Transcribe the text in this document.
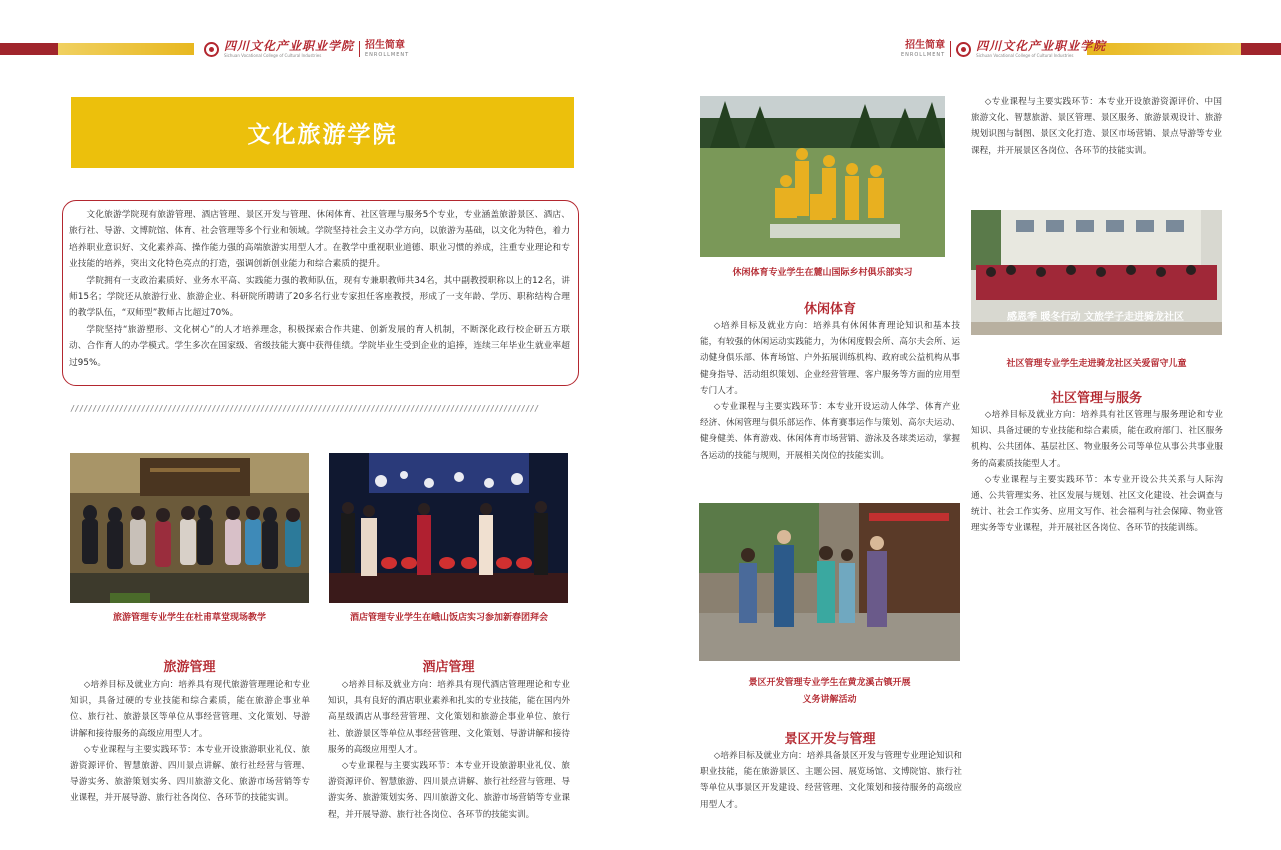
四川文化产业职业学院
Sichuan Vocational College of Cultural Industries
招生简章
ENROLLMENT
招生简章
ENROLLMENT
四川文化产业职业学院
Sichuan Vocational College of Cultural Industries
文化旅游学院

文化旅游学院现有旅游管理、酒店管理、景区开发与管理、休闲体育、社区管理与服务5个专业，专业涵盖旅游景区、酒店、旅行社、导游、文博院馆、体育、社会管理等多个行业和领域。学院坚持社会主义办学方向，以旅游为基础，以文化为特色，着力培养职业意识好、文化素养高、操作能力强的高端旅游实用型人才。在教学中重视职业道德、职业习惯的养成，注重专业理论和专业技能的培养，突出文化特色亮点的打造，强调创新创业能力和综合素质的提升。

学院拥有一支政治素质好、业务水平高、实践能力强的教师队伍，现有专兼职教师共34名，其中副教授职称以上的12名，讲师15名；学院还从旅游行业、旅游企业、科研院所聘请了20多名行业专家担任客座教授，形成了一支年龄、学历、职称结构合理的教学队伍，“双师型”教师占比超过70%。

学院坚持“旅游塑形、文化树心”的人才培养理念，积极探索合作共建、创新发展的育人机制，不断深化政行校企研五方联动、合作育人的办学模式。学生多次在国家级、省级技能大赛中获得佳绩。学院毕业生受到企业的追捧，连续三年毕业生就业率超过95%。

//////////////////////////////////////////////////////////////////////////////////////////////////////////
旅游管理专业学生在杜甫草堂现场教学	酒店管理专业学生在峨山饭店实习参加新春团拜会
旅游管理

◇培养目标及就业方向：培养具有现代旅游管理理论和专业知识，具备过硬的专业技能和综合素质，能在旅游企事业单位、旅行社、旅游景区等单位从事经营管理、文化策划、导游讲解和接待服务的高级应用型人才。

◇专业课程与主要实践环节：本专业开设旅游职业礼仪、旅游资源评价、智慧旅游、四川景点讲解、旅行社经营与管理、导游实务、旅游策划实务、四川旅游文化、旅游市场营销等专业课程，并开展导游、旅行社各岗位、各环节的技能实训。

酒店管理

◇培养目标及就业方向：培养具有现代酒店管理理论和专业知识，具有良好的酒店职业素养和扎实的专业技能，能在国内外高星级酒店从事经营管理、文化策划和旅游企事业单位、旅行社、旅游景区等单位从事经营管理、文化策划、导游讲解和接待服务的高级应用型人才。

◇专业课程与主要实践环节：本专业开设旅游职业礼仪、旅游资源评价、智慧旅游、四川景点讲解、旅行社经营与管理、导游实务、旅游策划实务、四川旅游文化、旅游市场营销等专业课程，并开展导游、旅行社各岗位、各环节的技能实训。

休闲体育专业学生在麓山国际乡村俱乐部实习
休闲体育

◇培养目标及就业方向：培养具有休闲体育理论知识和基本技能，有较强的休闲运动实践能力，为休闲度假会所、高尔夫会所、运动健身俱乐部、体育场馆、户外拓展训练机构、政府或公益机构从事健身指导、活动组织策划、企业经营管理、客户服务等方面的应用型专门人才。

◇专业课程与主要实践环节：本专业开设运动人体学、体育产业经济、休闲管理与俱乐部运作、体育赛事运作与策划、高尔夫运动、健身健美、体育游戏、休闲体育市场营销、游泳及各球类运动，掌握各运动的技能与规则，开展相关岗位的技能实训。

景区开发管理专业学生在黄龙溪古镇开展
义务讲解活动
景区开发与管理

◇培养目标及就业方向：培养具备景区开发与管理专业理论知识和职业技能，能在旅游景区、主题公园、展览场馆、文博院馆、旅行社等单位从事景区开发建设、经营管理、文化策划和接待服务的高级应用型人才。

◇专业课程与主要实践环节：本专业开设旅游资源评价、中国旅游文化、智慧旅游、景区管理、景区服务、旅游景观设计、旅游规划识图与制图、景区文化打造、景区市场营销、景点导游等专业课程，并开展景区各岗位、各环节的技能实训。

感恩季 暖冬行动 文旅学子走进骑龙社区
社区管理专业学生走进骑龙社区关爱留守儿童
社区管理与服务

◇培养目标及就业方向：培养具有社区管理与服务理论和专业知识、具备过硬的专业技能和综合素质，能在政府部门、社区服务机构、公共团体、基层社区、物业服务公司等单位从事公共事业服务的高素质技能型人才。

◇专业课程与主要实践环节：本专业开设公共关系与人际沟通、公共管理实务、社区发展与规划、社区文化建设、社会调查与统计、社会工作实务、应用文写作、社会福利与社会保障、物业管理实务等专业课程，并开展社区各岗位、各环节的技能训练。
